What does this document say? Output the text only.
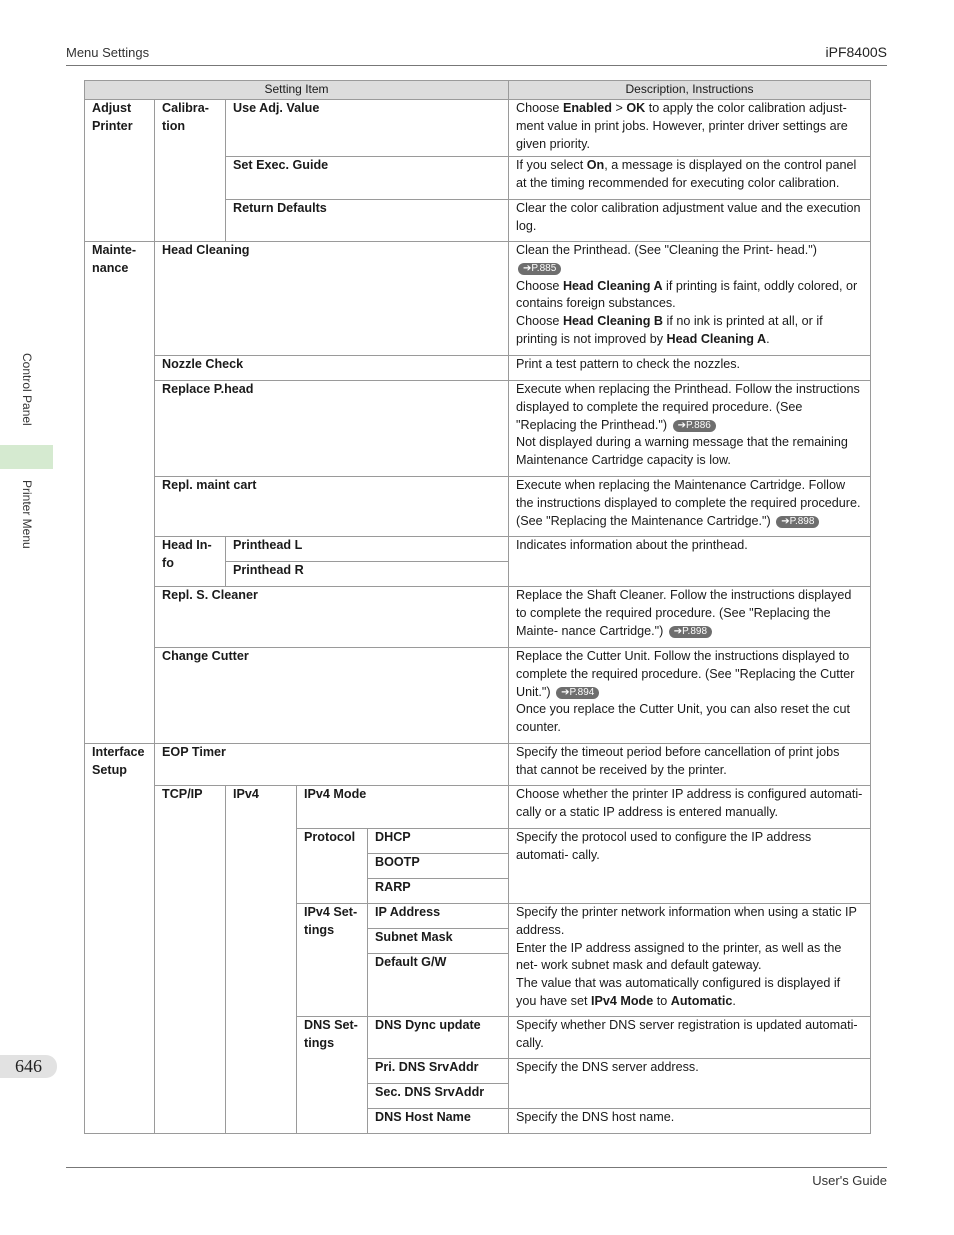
Menu Settings	iPF8400S
Control Panel
Printer Menu
646
Setting Item					Description, Instructions
Adjust Printer	Calibra- tion	Use Adj. Value			Choose Enabled > OK to apply the color calibration adjust- ment value in print jobs. However, printer driver settings are given priority.
		Set Exec. Guide			If you select On, a message is displayed on the control panel at the timing recommended for executing color calibration.
		Return Defaults			Clear the color calibration adjustment value and the execution log.
Mainte- nance	Head Cleaning				Clean the Printhead. (See "Cleaning the Print- head.") ➔P.885
Choose Head Cleaning A if printing is faint, oddly colored, or contains foreign substances.
Choose Head Cleaning B if no ink is printed at all, or if printing is not improved by Head Cleaning A.
	Nozzle Check				Print a test pattern to check the nozzles.
	Replace P.head				Execute when replacing the Printhead. Follow the instructions displayed to complete the required procedure. (See "Replacing the Printhead.") ➔P.886
Not displayed during a warning message that the remaining Maintenance Cartridge capacity is low.
	Repl. maint cart				Execute when replacing the Maintenance Cartridge. Follow the instructions displayed to complete the required procedure. (See "Replacing the Maintenance Cartridge.") ➔P.898
	Head In- fo	Printhead L			Indicates information about the printhead.
		Printhead R			
	Repl. S. Cleaner				Replace the Shaft Cleaner. Follow the instructions displayed to complete the required procedure. (See "Replacing the Mainte- nance Cartridge.") ➔P.898
	Change Cutter				Replace the Cutter Unit. Follow the instructions displayed to complete the required procedure. (See "Replacing the Cutter Unit.") ➔P.894
Once you replace the Cutter Unit, you can also reset the cut counter.
Interface Setup	EOP Timer				Specify the timeout period before cancellation of print jobs that cannot be received by the printer.
	TCP/IP	IPv4	IPv4 Mode		Choose whether the printer IP address is configured automati- cally or a static IP address is entered manually.
			Protocol	DHCP	Specify the protocol used to configure the IP address automati- cally.
				BOOTP	
				RARP	
			IPv4 Set- tings	IP Address	Specify the printer network information when using a static IP address.
Enter the IP address assigned to the printer, as well as the net- work subnet mask and default gateway.
The value that was automatically configured is displayed if you have set IPv4 Mode to Automatic.
				Subnet Mask	
				Default G/W	
			DNS Set- tings	DNS Dync update	Specify whether DNS server registration is updated automati- cally.
				Pri. DNS SrvAddr	Specify the DNS server address.
				Sec. DNS SrvAddr	
				DNS Host Name	Specify the DNS host name.
User's Guide
